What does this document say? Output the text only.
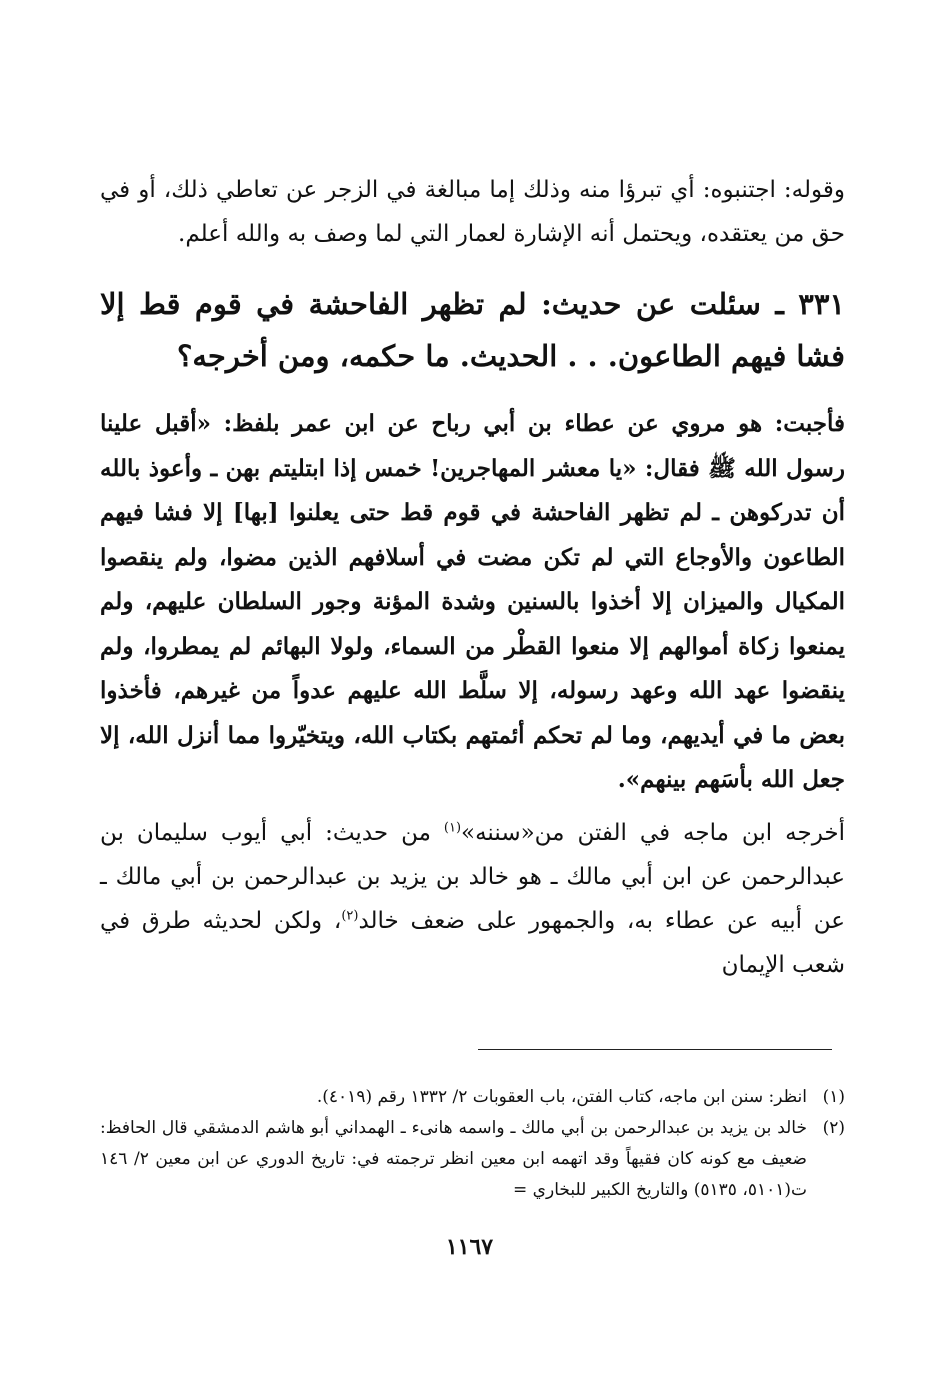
وقوله: اجتنبوه: أي تبرؤا منه وذلك إما مبالغة في الزجر عن تعاطي ذلك، أو في حق من يعتقده، ويحتمل أنه الإشارة لعمار التي لما وصف به والله أعلم.

٣٣١ ـ سئلت عن حديث: لم تظهر الفاحشة في قوم قط إلا فشا فيهم الطاعون. . . الحديث. ما حكمه، ومن أخرجه؟

فأجبت: هو مروي عن عطاء بن أبي رباح عن ابن عمر بلفظ: «أقبل علينا رسول الله ﷺ فقال: «يا معشر المهاجرين! خمس إذا ابتليتم بهن ـ وأعوذ بالله أن تدركوهن ـ لم تظهر الفاحشة في قوم قط حتى يعلنوا [بها] إلا فشا فيهم الطاعون والأوجاع التي لم تكن مضت في أسلافهم الذين مضوا، ولم ينقصوا المكيال والميزان إلا أخذوا بالسنين وشدة المؤنة وجور السلطان عليهم، ولم يمنعوا زكاة أموالهم إلا منعوا القطْر من السماء، ولولا البهائم لم يمطروا، ولم ينقضوا عهد الله وعهد رسوله، إلا سلَّط الله عليهم عدواً من غيرهم، فأخذوا بعض ما في أيديهم، وما لم تحكم أئمتهم بكتاب الله، ويتخيّروا مما أنزل الله، إلا جعل الله بأسَهم بينهم».

أخرجه ابن ماجه في الفتن من«سننه»$^{(١)}$ من حديث: أبي أيوب سليمان بن عبدالرحمن عن ابن أبي مالك ـ هو خالد بن يزيد بن عبدالرحمن بن أبي مالك ـ عن أبيه عن عطاء به، والجمهور على ضعف خالد$^{(٢)}$، ولكن لحديثه طرق في شعب الإيمان

(١)
انظر: سنن ابن ماجه، كتاب الفتن، باب العقوبات ٢/ ١٣٣٢ رقم (٤٠١٩).
(٢)
خالد بن يزيد بن عبدالرحمن بن أبي مالك ـ واسمه هانىء ـ الهمداني أبو هاشم الدمشقي قال الحافظ: ضعيف مع كونه كان فقيهاً وقد اتهمه ابن معين انظر ترجمته في: تاريخ الدوري عن ابن معين ٢/ ١٤٦ ت(٥١٠١، ٥١٣٥) والتاريخ الكبير للبخاري =
١١٦٧
